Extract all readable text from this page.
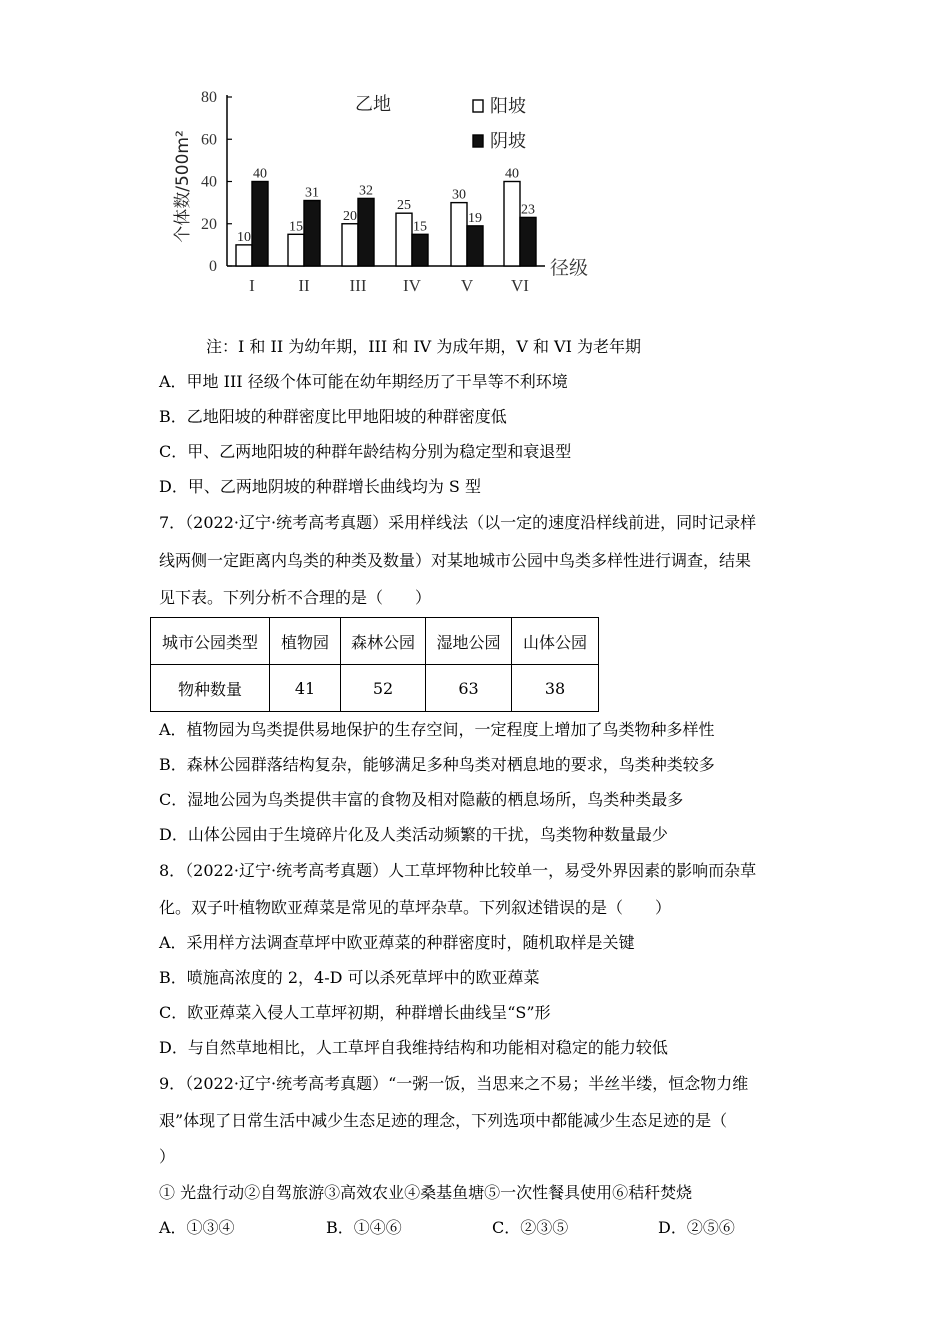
0
20
40
60
80
个体数/500m²
径级
乙地
10
40
I
15
31
II
20
32
III
25
15
IV
30
19
V
40
23
VI
阳坡
阴坡
注：I 和 II 为幼年期，III 和 IV 为成年期，V 和 VI 为老年期
A．甲地 III 径级个体可能在幼年期经历了干旱等不利环境
B．乙地阳坡的种群密度比甲地阳坡的种群密度低
C．甲、乙两地阳坡的种群年龄结构分别为稳定型和衰退型
D．甲、乙两地阴坡的种群增长曲线均为 S 型
7．（2022·辽宁·统考高考真题）采用样线法（以一定的速度沿样线前进，同时记录样
线两侧一定距离内鸟类的种类及数量）对某地城市公园中鸟类多样性进行调查，结果
见下表。下列分析不合理的是（　　）
城市公园类型	植物园	森林公园	湿地公园	山体公园
物种数量	41	52	63	38
A．植物园为鸟类提供易地保护的生存空间，一定程度上增加了鸟类物种多样性
B．森林公园群落结构复杂，能够满足多种鸟类对栖息地的要求，鸟类种类较多
C．湿地公园为鸟类提供丰富的食物及相对隐蔽的栖息场所，鸟类种类最多
D．山体公园由于生境碎片化及人类活动频繁的干扰，鸟类物种数量最少
8．（2022·辽宁·统考高考真题）人工草坪物种比较单一，易受外界因素的影响而杂草
化。双子叶植物欧亚蔊菜是常见的草坪杂草。下列叙述错误的是（　　）
A．采用样方法调查草坪中欧亚蔊菜的种群密度时，随机取样是关键
B．喷施高浓度的 2，4-D 可以杀死草坪中的欧亚蔊菜
C．欧亚蔊菜入侵人工草坪初期，种群增长曲线呈“S”形
D．与自然草地相比，人工草坪自我维持结构和功能相对稳定的能力较低
9．（2022·辽宁·统考高考真题）“一粥一饭，当思来之不易；半丝半缕，恒念物力维
艰”体现了日常生活中减少生态足迹的理念，下列选项中都能减少生态足迹的是（
）
① 光盘行动②自驾旅游③高效农业④桑基鱼塘⑤一次性餐具使用⑥秸秆焚烧
A．①③④	B．①④⑥	C．②③⑤	D．②⑤⑥
